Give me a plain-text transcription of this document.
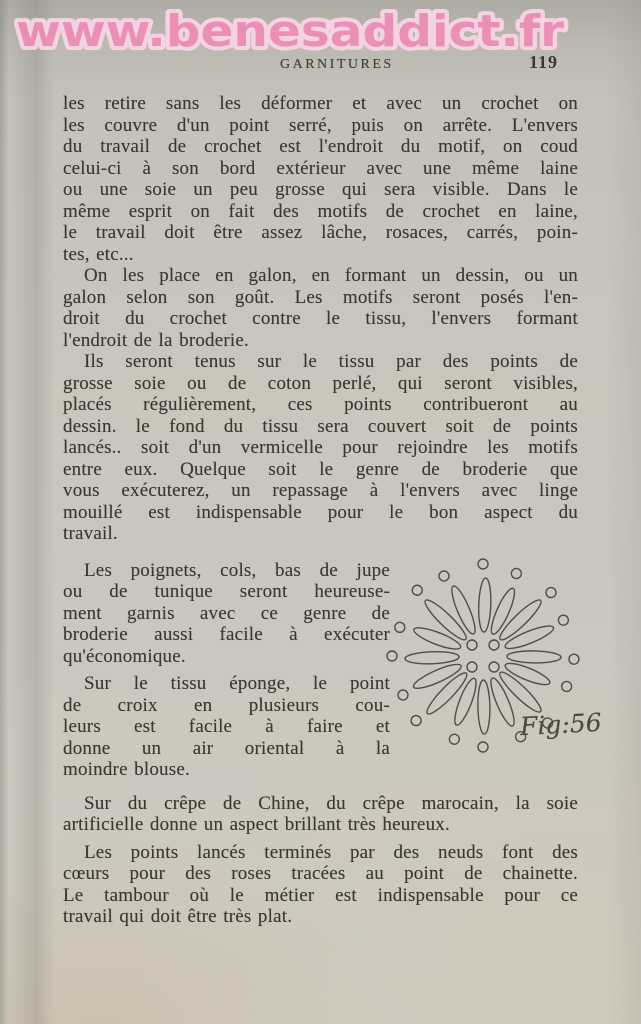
www.benesaddict.fr
GARNITURES	119
les retire sans les déformer et avec un crochet on
les couvre d'un point serré, puis on arrête. L'envers
du travail de crochet est l'endroit du motif, on coud
celui-ci à son bord extérieur avec une même laine
ou une soie un peu grosse qui sera visible. Dans le
même esprit on fait des motifs de crochet en laine,
le travail doit être assez lâche, rosaces, carrés, poin-
tes, etc...
On les place en galon, en formant un dessin, ou un
galon selon son goût. Les motifs seront posés l'en-
droit du crochet contre le tissu, l'envers formant
l'endroit de la broderie.
Ils seront tenus sur le tissu par des points de
grosse soie ou de coton perlé, qui seront visibles,
placés régulièrement, ces points contribueront au
dessin. le fond du tissu sera couvert soit de points
lancés.. soit d'un vermicelle pour rejoindre les motifs
entre eux. Quelque soit le genre de broderie que
vous exécuterez, un repassage à l'envers avec linge
mouillé est indispensable pour le bon aspect du
travail.
Les poignets, cols, bas de jupe
ou de tunique seront heureuse-
ment garnis avec ce genre de
broderie aussi facile à exécuter
qu'économique.
Sur le tissu éponge, le point
de croix en plusieurs cou-
leurs est facile à faire et
donne un air oriental à la
moindre blouse.
Sur du crêpe de Chine, du crêpe marocain, la soie
artificielle donne un aspect brillant très heureux.
Les points lancés terminés par des neuds font des
cœurs pour des roses tracées au point de chainette.
Le tambour où le métier est indispensable pour ce
travail qui doit être très plat.
Fig:56
